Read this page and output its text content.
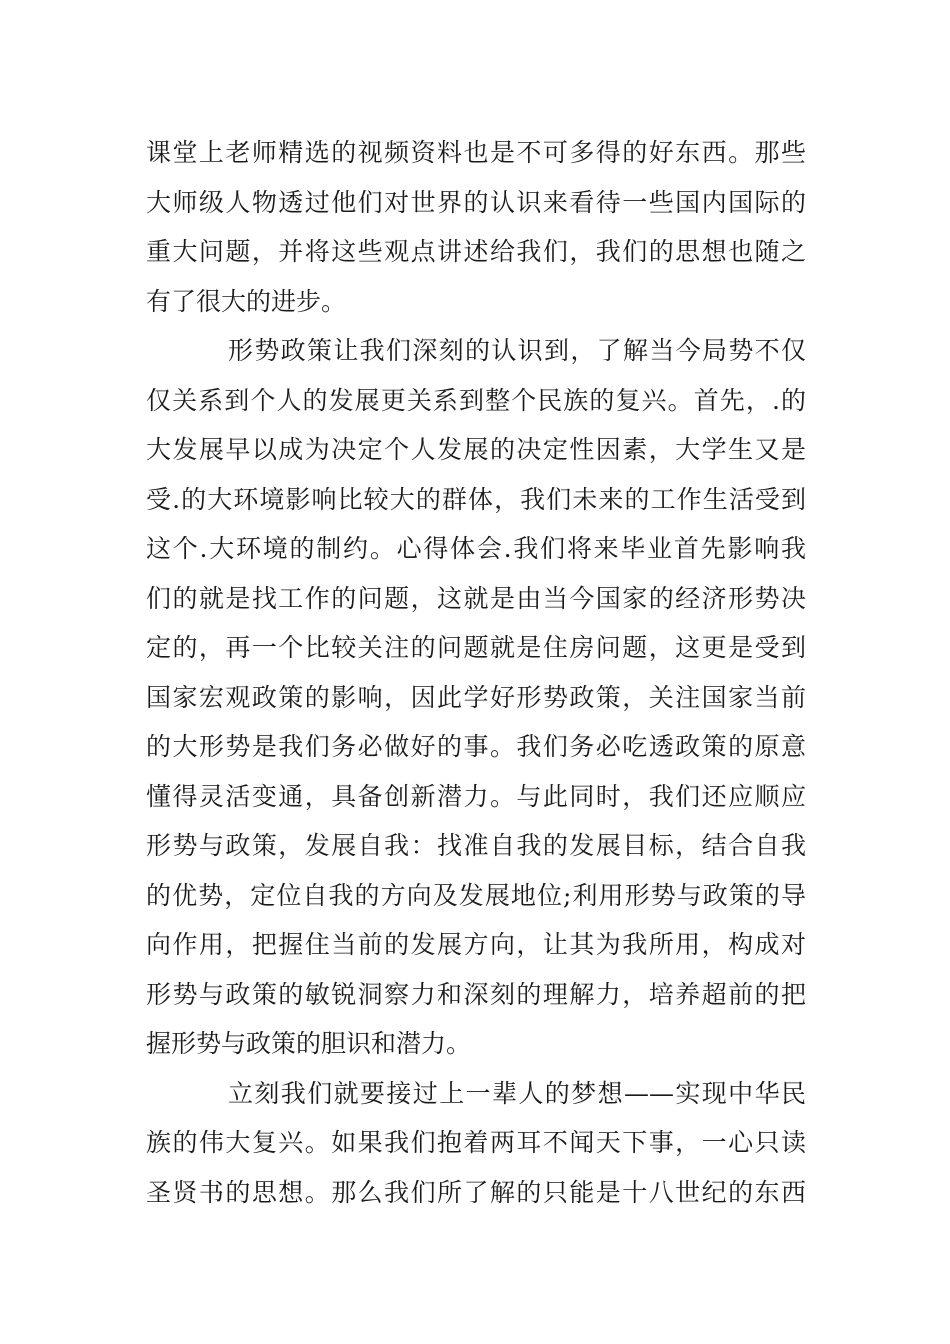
课堂上老师精选的视频资料也是不可多得的好东西。那些
大师级人物透过他们对世界的认识来看待一些国内国际的
重大问题，并将这些观点讲述给我们，我们的思想也随之
有了很大的进步。
形势政策让我们深刻的认识到，了解当今局势不仅
仅关系到个人的发展更关系到整个民族的复兴。首先，.的
大发展早以成为决定个人发展的决定性因素，大学生又是
受.的大环境影响比较大的群体，我们未来的工作生活受到
这个.大环境的制约。心得体会.我们将来毕业首先影响我
们的就是找工作的问题，这就是由当今国家的经济形势决
定的，再一个比较关注的问题就是住房问题，这更是受到
国家宏观政策的影响，因此学好形势政策，关注国家当前
的大形势是我们务必做好的事。我们务必吃透政策的原意
懂得灵活变通，具备创新潜力。与此同时，我们还应顺应
形势与政策，发展自我：找准自我的发展目标，结合自我
的优势，定位自我的方向及发展地位;利用形势与政策的导
向作用，把握住当前的发展方向，让其为我所用，构成对
形势与政策的敏锐洞察力和深刻的理解力，培养超前的把
握形势与政策的胆识和潜力。
立刻我们就要接过上一辈人的梦想——实现中华民
族的伟大复兴。如果我们抱着两耳不闻天下事，一心只读
圣贤书的思想。那么我们所了解的只能是十八世纪的东西
